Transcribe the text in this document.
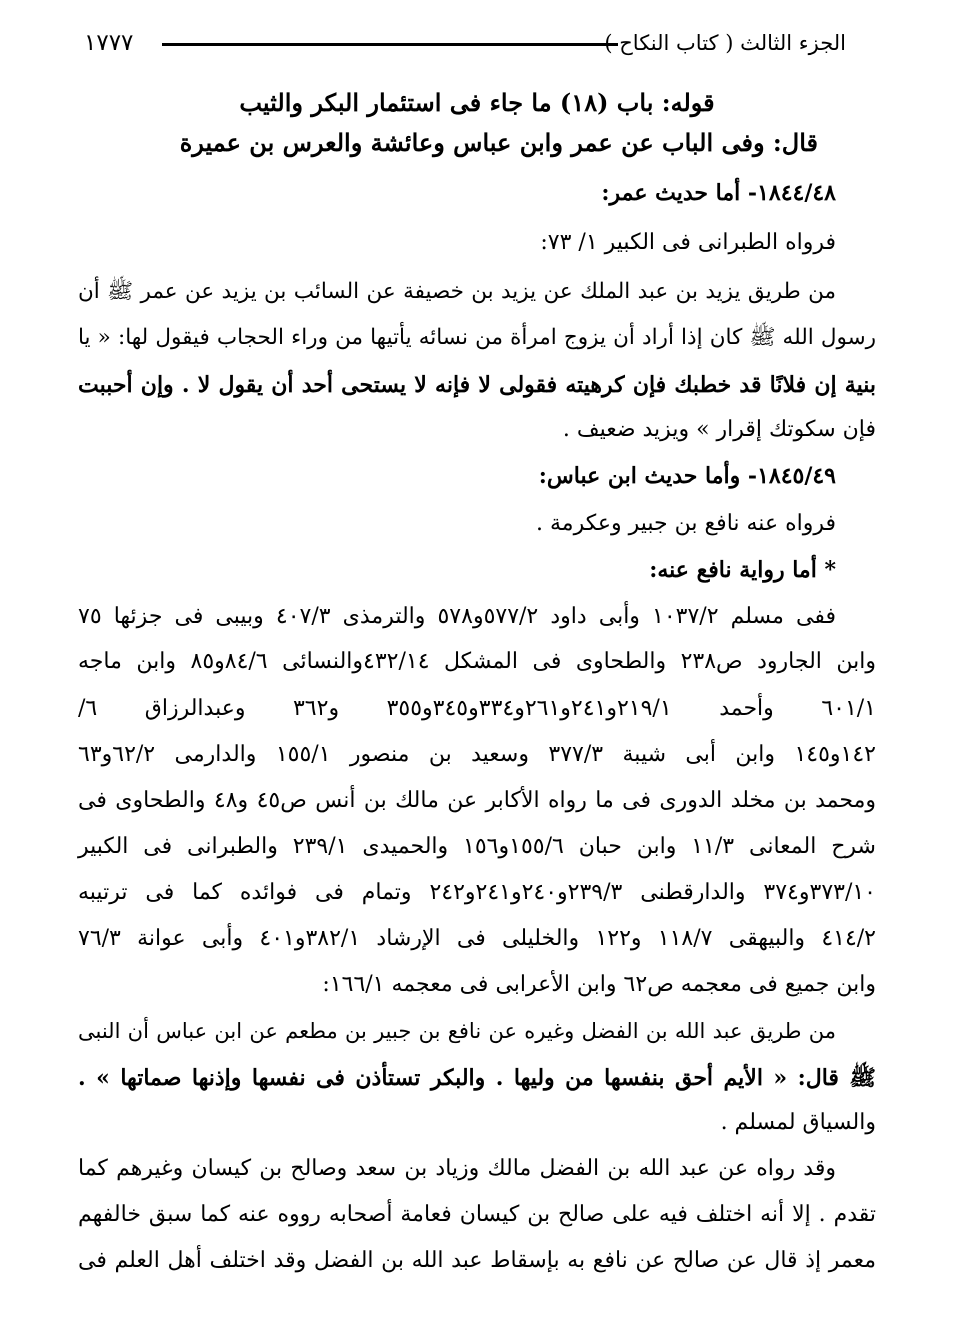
الجزء الثالث ( كتاب النكاح )
١٧٧٧
قوله: باب (١٨) ما جاء فى استئمار البكر والثيب
قال: وفى الباب عن عمر وابن عباس وعائشة والعرس بن عميرة
١٨٤٤/٤٨- أما حديث عمر:
فرواه الطبرانى فى الكبير ١/ ٧٣:
من طريق يزيد بن عبد الملك عن يزيد بن خصيفة عن السائب بن يزيد عن عمر ﷺ أن
رسول الله ﷺ كان إذا أراد أن يزوج امرأة من نسائه يأتيها من وراء الحجاب فيقول لها: « يا
بنية إن فلانًا قد خطبك فإن كرهيته فقولى لا فإنه لا يستحى أحد أن يقول لا . وإن أحببت
فإن سكوتك إقرار » ويزيد ضعيف .
١٨٤٥/٤٩- وأما حديث ابن عباس:
فرواه عنه نافع بن جبير وعكرمة .
* أما رواية نافع عنه:
ففى مسلم ١٠٣٧/٢ وأبى داود ٥٧٧/٢و٥٧٨ والترمذى ٤٠٧/٣ وبيبى فى جزئها ٧٥
وابن الجارود ص٢٣٨ والطحاوى فى المشكل ٤٣٢/١٤والنسائى ٨٤/٦و٨٥ وابن ماجه
٦٠١/١ وأحمد ٢١٩/١و٢٤١و٢٦١و٣٣٤و٣٤٥و٣٥٥ و٣٦٢ وعبدالرزاق ٦/
١٤٢و١٤٥ وابن أبى شيبة ٣٧٧/٣ وسعيد بن منصور ١٥٥/١ والدارمى ٦٢/٢و٦٣
ومحمد بن مخلد الدورى فى ما رواه الأكابر عن مالك بن أنس ص٤٥ و٤٨ والطحاوى فى
شرح المعانى ١١/٣ وابن حبان ١٥٥/٦و١٥٦ والحميدى ٢٣٩/١ والطبرانى فى الكبير
٣٧٣/١٠و٣٧٤ والدارقطنى ٢٣٩/٣و٢٤٠و٢٤١و٢٤٢ وتمام فى فوائده كما فى ترتيبه
٤١٤/٢ والبيهقى ١١٨/٧ و١٢٢ والخليلى فى الإرشاد ٣٨٢/١و٤٠١ وأبى عوانة ٧٦/٣
وابن جميع فى معجمه ص٦٢ وابن الأعرابى فى معجمه ١٦٦/١:
من طريق عبد الله بن الفضل وغيره عن نافع بن جبير بن مطعم عن ابن عباس أن النبى
ﷺ قال: « الأيم أحق بنفسها من وليها . والبكر تستأذن فى نفسها وإذنها صماتها » .
والسياق لمسلم .
وقد رواه عن عبد الله بن الفضل مالك وزياد بن سعد وصالح بن كيسان وغيرهم كما
تقدم . إلا أنه اختلف فيه على صالح بن كيسان فعامة أصحابه رووه عنه كما سبق خالفهم
معمر إذ قال عن صالح عن نافع به بإسقاط عبد الله بن الفضل وقد اختلف أهل العلم فى
